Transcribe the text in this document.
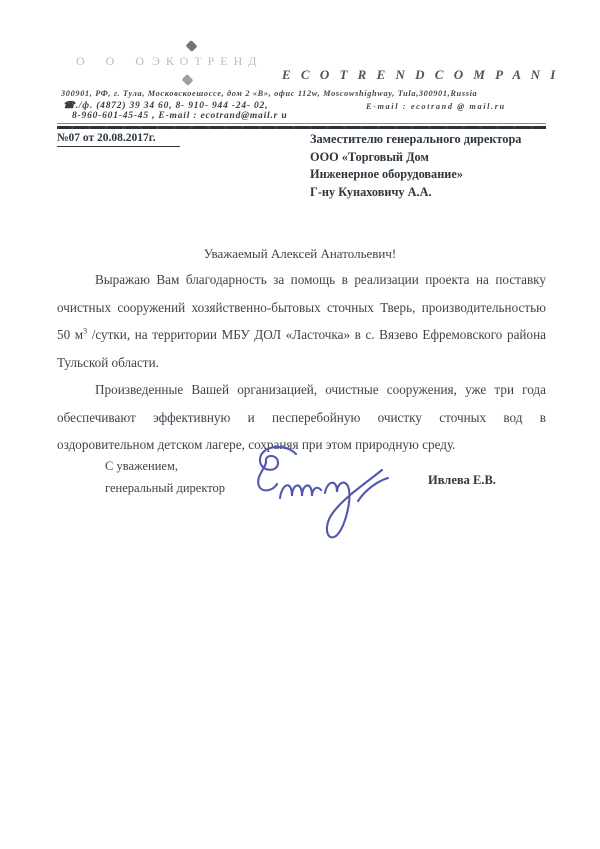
О О О ЭКОТРЕНД
E C O T R E N D C O M P A N I
300901, РФ, г. Тула, Московскоешоссе, дом 2 «В», офис 112w, Moscowshighway, Tula,300901,Russia
☎./ф. (4872) 39 34 60, 8- 910- 944 -24- 02,	E-mail : ecotrand @ mail.ru
8-960-601-45-45 , E-mail : ecotrand@mail.r u
№07 от 20.08.2017г.	Заместителю генерального директора
ООО «Торговый Дом
Инженерное оборудование»
Г-ну Кунаховичу А.А.
Уважаемый Алексей Анатольевич!

Выражаю Вам благодарность за помощь в реализации проекта на поставку очистных сооружений хозяйственно-бытовых сточных Тверь, производительностью 50 $м^3$ /сутки, на территории МБУ ДОЛ «Ласточка» в с. Вязево Ефремовского района Тульской области.

Произведенные Вашей организацией, очистные сооружения, уже три года обеспечивают эффективную и песперебойную очистку сточных вод в оздоровительном детском лагере, сохраняя при этом природную среду.

С уважением,
генеральный директор
Ивлева Е.В.
